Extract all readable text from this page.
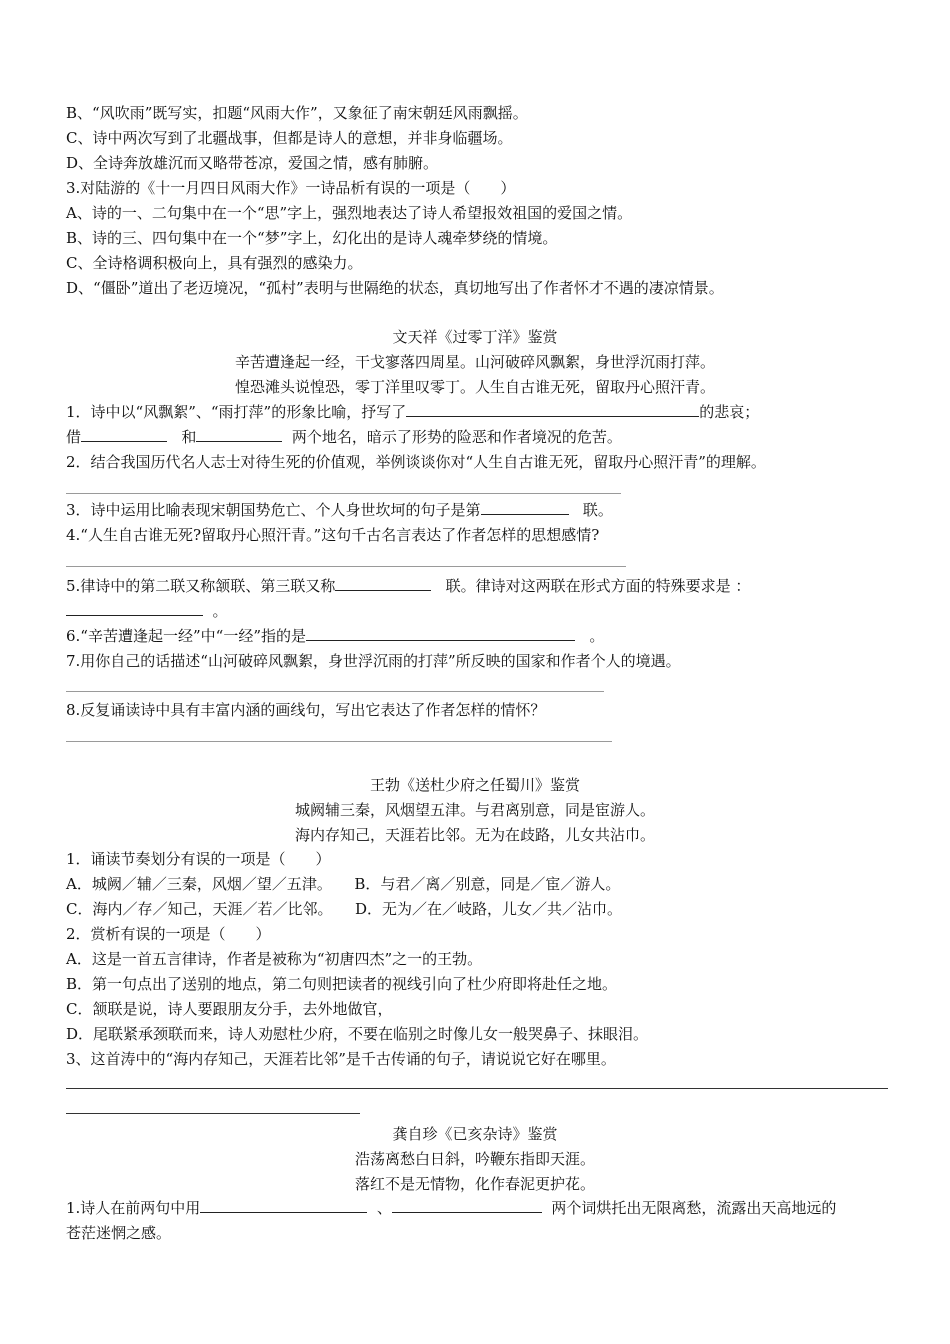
B、“风吹雨”既写实，扣题“风雨大作”，又象征了南宋朝廷风雨飘摇。
C、诗中两次写到了北疆战事，但都是诗人的意想，并非身临疆场。
D、全诗奔放雄沉而又略带苍凉，爱国之情，感有肺腑。
3.对陆游的《十一月四日风雨大作》一诗品析有误的一项是（　　）
A、诗的一、二句集中在一个“思”字上，强烈地表达了诗人希望报效祖国的爱国之情。
B、诗的三、四句集中在一个“梦”字上，幻化出的是诗人魂牵梦绕的情境。
C、全诗格调积极向上，具有强烈的感染力。
D、“僵卧”道出了老迈境况，“孤村”表明与世隔绝的状态，真切地写出了作者怀才不遇的凄凉情景。
文天祥《过零丁洋》鉴赏
辛苦遭逢起一经，干戈寥落四周星。山河破碎风飘絮，身世浮沉雨打萍。
惶恐滩头说惶恐，零丁洋里叹零丁。人生自古谁无死，留取丹心照汗青。
1．诗中以“风飘絮”、“雨打萍”的形象比喻，抒写了	的悲哀；
借	和	两个地名，暗示了形势的险恶和作者境况的危苦。
2．结合我国历代名人志士对待生死的价值观，举例谈谈你对“人生自古谁无死，留取丹心照汗青”的理解。
3．诗中运用比喻表现宋朝国势危亡、个人身世坎坷的句子是第	联。
4.“人生自古谁无死?留取丹心照汗青。”这句千古名言表达了作者怎样的思想感情?
5.律诗中的第二联又称颔联、第三联又称	联。律诗对这两联在形式方面的特殊要求是 ：
。
6.“辛苦遭逢起一经”中“一经”指的是	。
7.用你自己的话描述“山河破碎风飘絮，身世浮沉雨的打萍”所反映的国家和作者个人的境遇。
8.反复诵读诗中具有丰富内涵的画线句，写出它表达了作者怎样的情怀？
王勃《送杜少府之任蜀川》鉴赏
城阙辅三秦，风烟望五津。与君离别意，同是宦游人。
海内存知己，天涯若比邻。无为在歧路，儿女共沾巾。
1．诵读节奏划分有误的一项是（　　）
A．城阙／辅／三秦，风烟／望／五津。　　B．与君／离／别意，同是／宦／游人。
C．海内／存／知己，天涯／若／比邻。　　D．无为／在／岐路，儿女／共／沾巾。
2．赏析有误的一项是（　　）
A．这是一首五言律诗，作者是被称为“初唐四杰”之一的王勃。
B．第一句点出了送别的地点，第二句则把读者的视线引向了杜少府即将赴任之地。
C．颔联是说，诗人要跟朋友分手，去外地做官，
D．尾联紧承颈联而来，诗人劝慰杜少府，不要在临别之时像儿女一般哭鼻子、抹眼泪。
3、这首涛中的“海内存知己，天涯若比邻”是千古传诵的句子，请说说它好在哪里。
龚自珍《已亥杂诗》鉴赏
浩荡离愁白日斜，吟鞭东指即天涯。
落红不是无情物，化作春泥更护花。
1.诗人在前两句中用	、	两个词烘托出无限离愁，流露出天高地远的
苍茫迷惘之感。
